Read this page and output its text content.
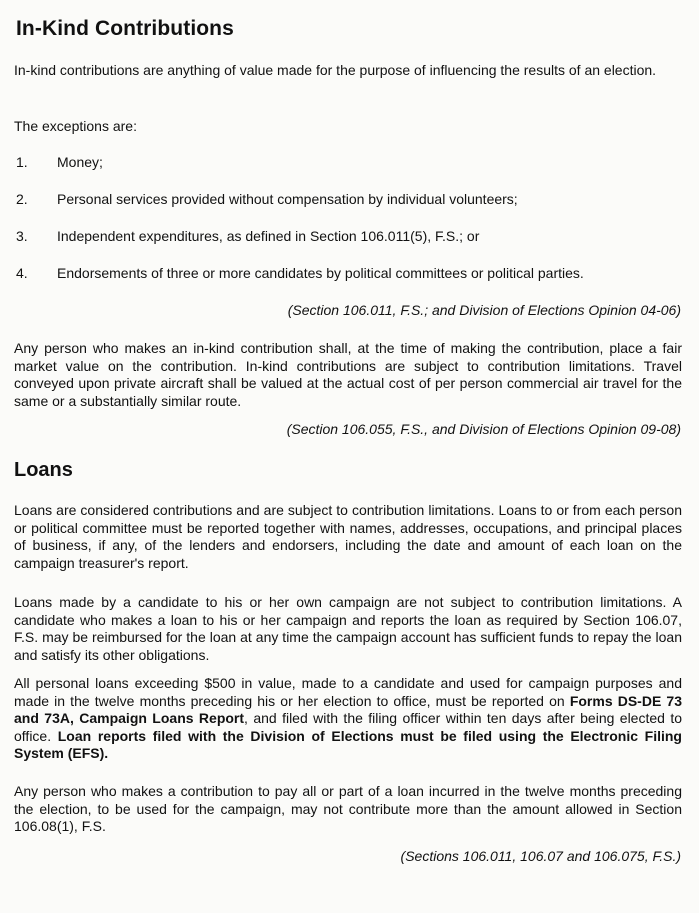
In-Kind Contributions

In-kind contributions are anything of value made for the purpose of influencing the results of an election.

The exceptions are:

1. Money;
2. Personal services provided without compensation by individual volunteers;
3. Independent expenditures, as defined in Section 106.011(5), F.S.; or
4. Endorsements of three or more candidates by political committees or political parties.
(Section 106.011, F.S.; and Division of Elections Opinion 04-06)

Any person who makes an in-kind contribution shall, at the time of making the contribution, place a fair market value on the contribution. In-kind contributions are subject to contribution limitations. Travel conveyed upon private aircraft shall be valued at the actual cost of per person commercial air travel for the same or a substantially similar route.

(Section 106.055, F.S., and Division of Elections Opinion 09-08)
Loans

Loans are considered contributions and are subject to contribution limitations. Loans to or from each person or political committee must be reported together with names, addresses, occupations, and principal places of business, if any, of the lenders and endorsers, including the date and amount of each loan on the campaign treasurer's report.

Loans made by a candidate to his or her own campaign are not subject to contribution limitations. A candidate who makes a loan to his or her campaign and reports the loan as required by Section 106.07, F.S. may be reimbursed for the loan at any time the campaign account has sufficient funds to repay the loan and satisfy its other obligations.

All personal loans exceeding $500 in value, made to a candidate and used for campaign purposes and made in the twelve months preceding his or her election to office, must be reported on Forms DS-DE 73 and 73A, Campaign Loans Report, and filed with the filing officer within ten days after being elected to office. Loan reports filed with the Division of Elections must be filed using the Electronic Filing System (EFS).

Any person who makes a contribution to pay all or part of a loan incurred in the twelve months preceding the election, to be used for the campaign, may not contribute more than the amount allowed in Section 106.08(1), F.S.

(Sections 106.011, 106.07 and 106.075, F.S.)
